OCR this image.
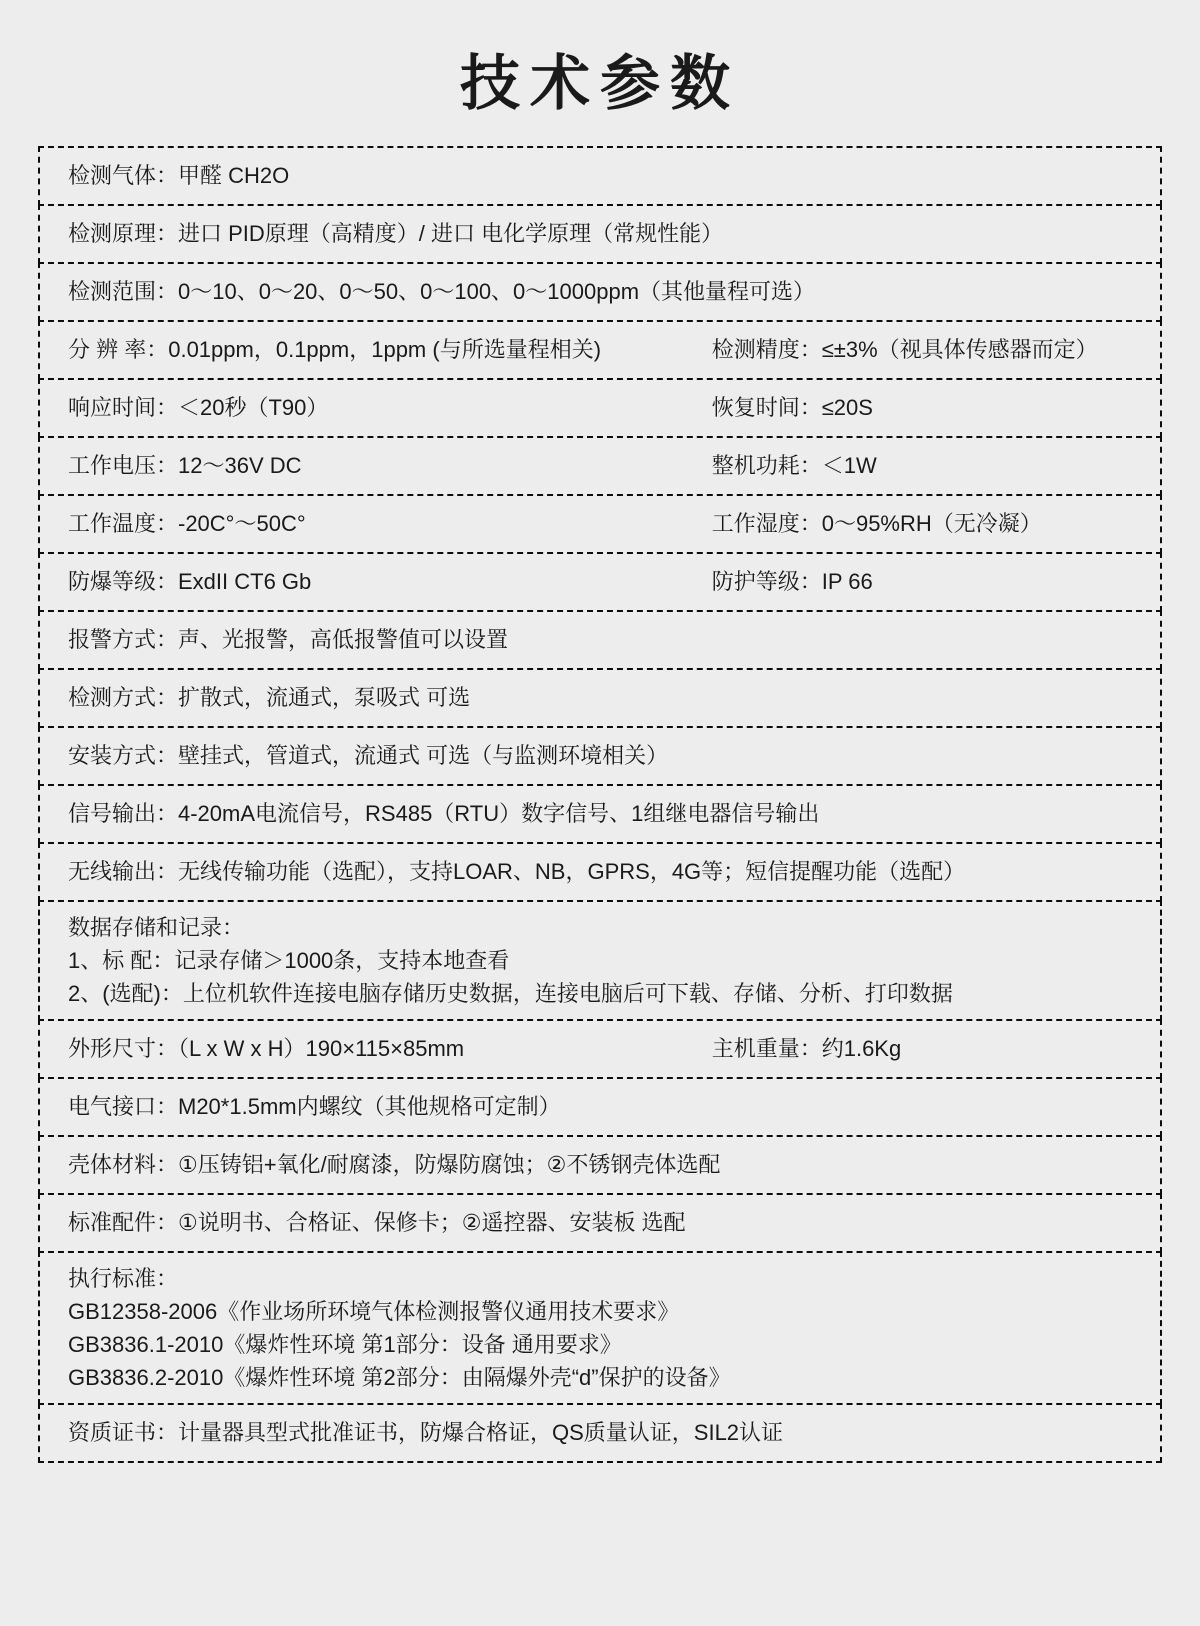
技术参数
检测气体：甲醛 CH2O
检测原理：进口 PID原理（高精度）/ 进口 电化学原理（常规性能）
检测范围：0～10、0～20、0～50、0～100、0～1000ppm（其他量程可选）
分 辨 率：0.01ppm，0.1ppm，1ppm (与所选量程相关)	检测精度：≤±3%（视具体传感器而定）
响应时间：＜20秒（T90）	恢复时间：≤20S
工作电压：12～36V DC	整机功耗：＜1W
工作温度：-20C°～50C°	工作湿度：0～95%RH（无冷凝）
防爆等级：ExdII CT6 Gb	防护等级：IP 66
报警方式：声、光报警，高低报警值可以设置
检测方式：扩散式，流通式，泵吸式 可选
安装方式：壁挂式，管道式，流通式 可选（与监测环境相关）
信号输出：4-20mA电流信号，RS485（RTU）数字信号、1组继电器信号输出
无线输出：无线传输功能（选配），支持LOAR、NB，GPRS，4G等；短信提醒功能（选配）
数据存储和记录：
1、标 配：记录存储＞1000条，支持本地查看
2、(选配)：上位机软件连接电脑存储历史数据，连接电脑后可下载、存储、分析、打印数据
外形尺寸：（L x W x H）190×115×85mm	主机重量：约1.6Kg
电气接口：M20*1.5mm内螺纹（其他规格可定制）
壳体材料：①压铸铝+氧化/耐腐漆，防爆防腐蚀；②不锈钢壳体选配
标准配件：①说明书、合格证、保修卡；②遥控器、安装板 选配
执行标准：
GB12358-2006《作业场所环境气体检测报警仪通用技术要求》
GB3836.1-2010《爆炸性环境 第1部分：设备 通用要求》
GB3836.2-2010《爆炸性环境 第2部分：由隔爆外壳“d”保护的设备》
资质证书：计量器具型式批准证书，防爆合格证，QS质量认证，SIL2认证
